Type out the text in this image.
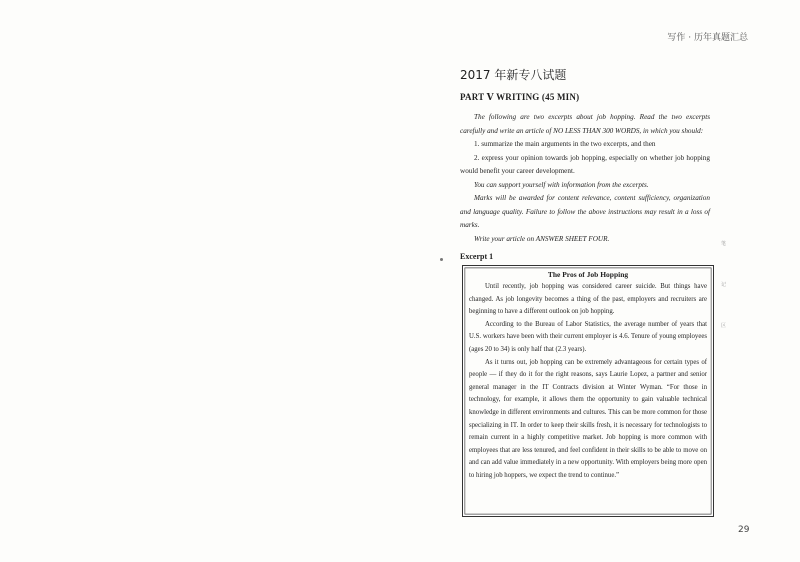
写作 · 历年真题汇总
2017 年新专八试题
PART Ⅴ WRITING (45 MIN)

The following are two excerpts about job hopping. Read the two excerpts carefully and write an article of NO LESS THAN 300 WORDS, in which you should:

1. summarize the main arguments in the two excerpts, and then

2. express your opinion towards job hopping, especially on whether job hopping would benefit your career development.

You can support yourself with information from the excerpts.

Marks will be awarded for content relevance, content sufficiency, organization and language quality. Failure to follow the above instructions may result in a loss of marks.

Write your article on ANSWER SHEET FOUR.

Excerpt 1
The Pros of Job Hopping

Until recently, job hopping was considered career suicide. But things have changed. As job longevity becomes a thing of the past, employers and recruiters are beginning to have a different outlook on job hopping.

According to the Bureau of Labor Statistics, the average number of years that U.S. workers have been with their current employer is 4.6. Tenure of young employees (ages 20 to 34) is only half that (2.3 years).

As it turns out, job hopping can be extremely advantageous for certain types of people — if they do it for the right reasons, says Laurie Lopez, a partner and senior general manager in the IT Contracts division at Winter Wyman. “For those in technology, for example, it allows them the opportunity to gain valuable technical knowledge in different environments and cultures. This can be more common for those specializing in IT. In order to keep their skills fresh, it is necessary for technologists to remain current in a highly competitive market. Job hopping is more common with employees that are less tenured, and feel confident in their skills to be able to move on and can add value immediately in a new opportunity. With employers being more open to hiring job hoppers, we expect the trend to continue.”

笔
记
区
29
